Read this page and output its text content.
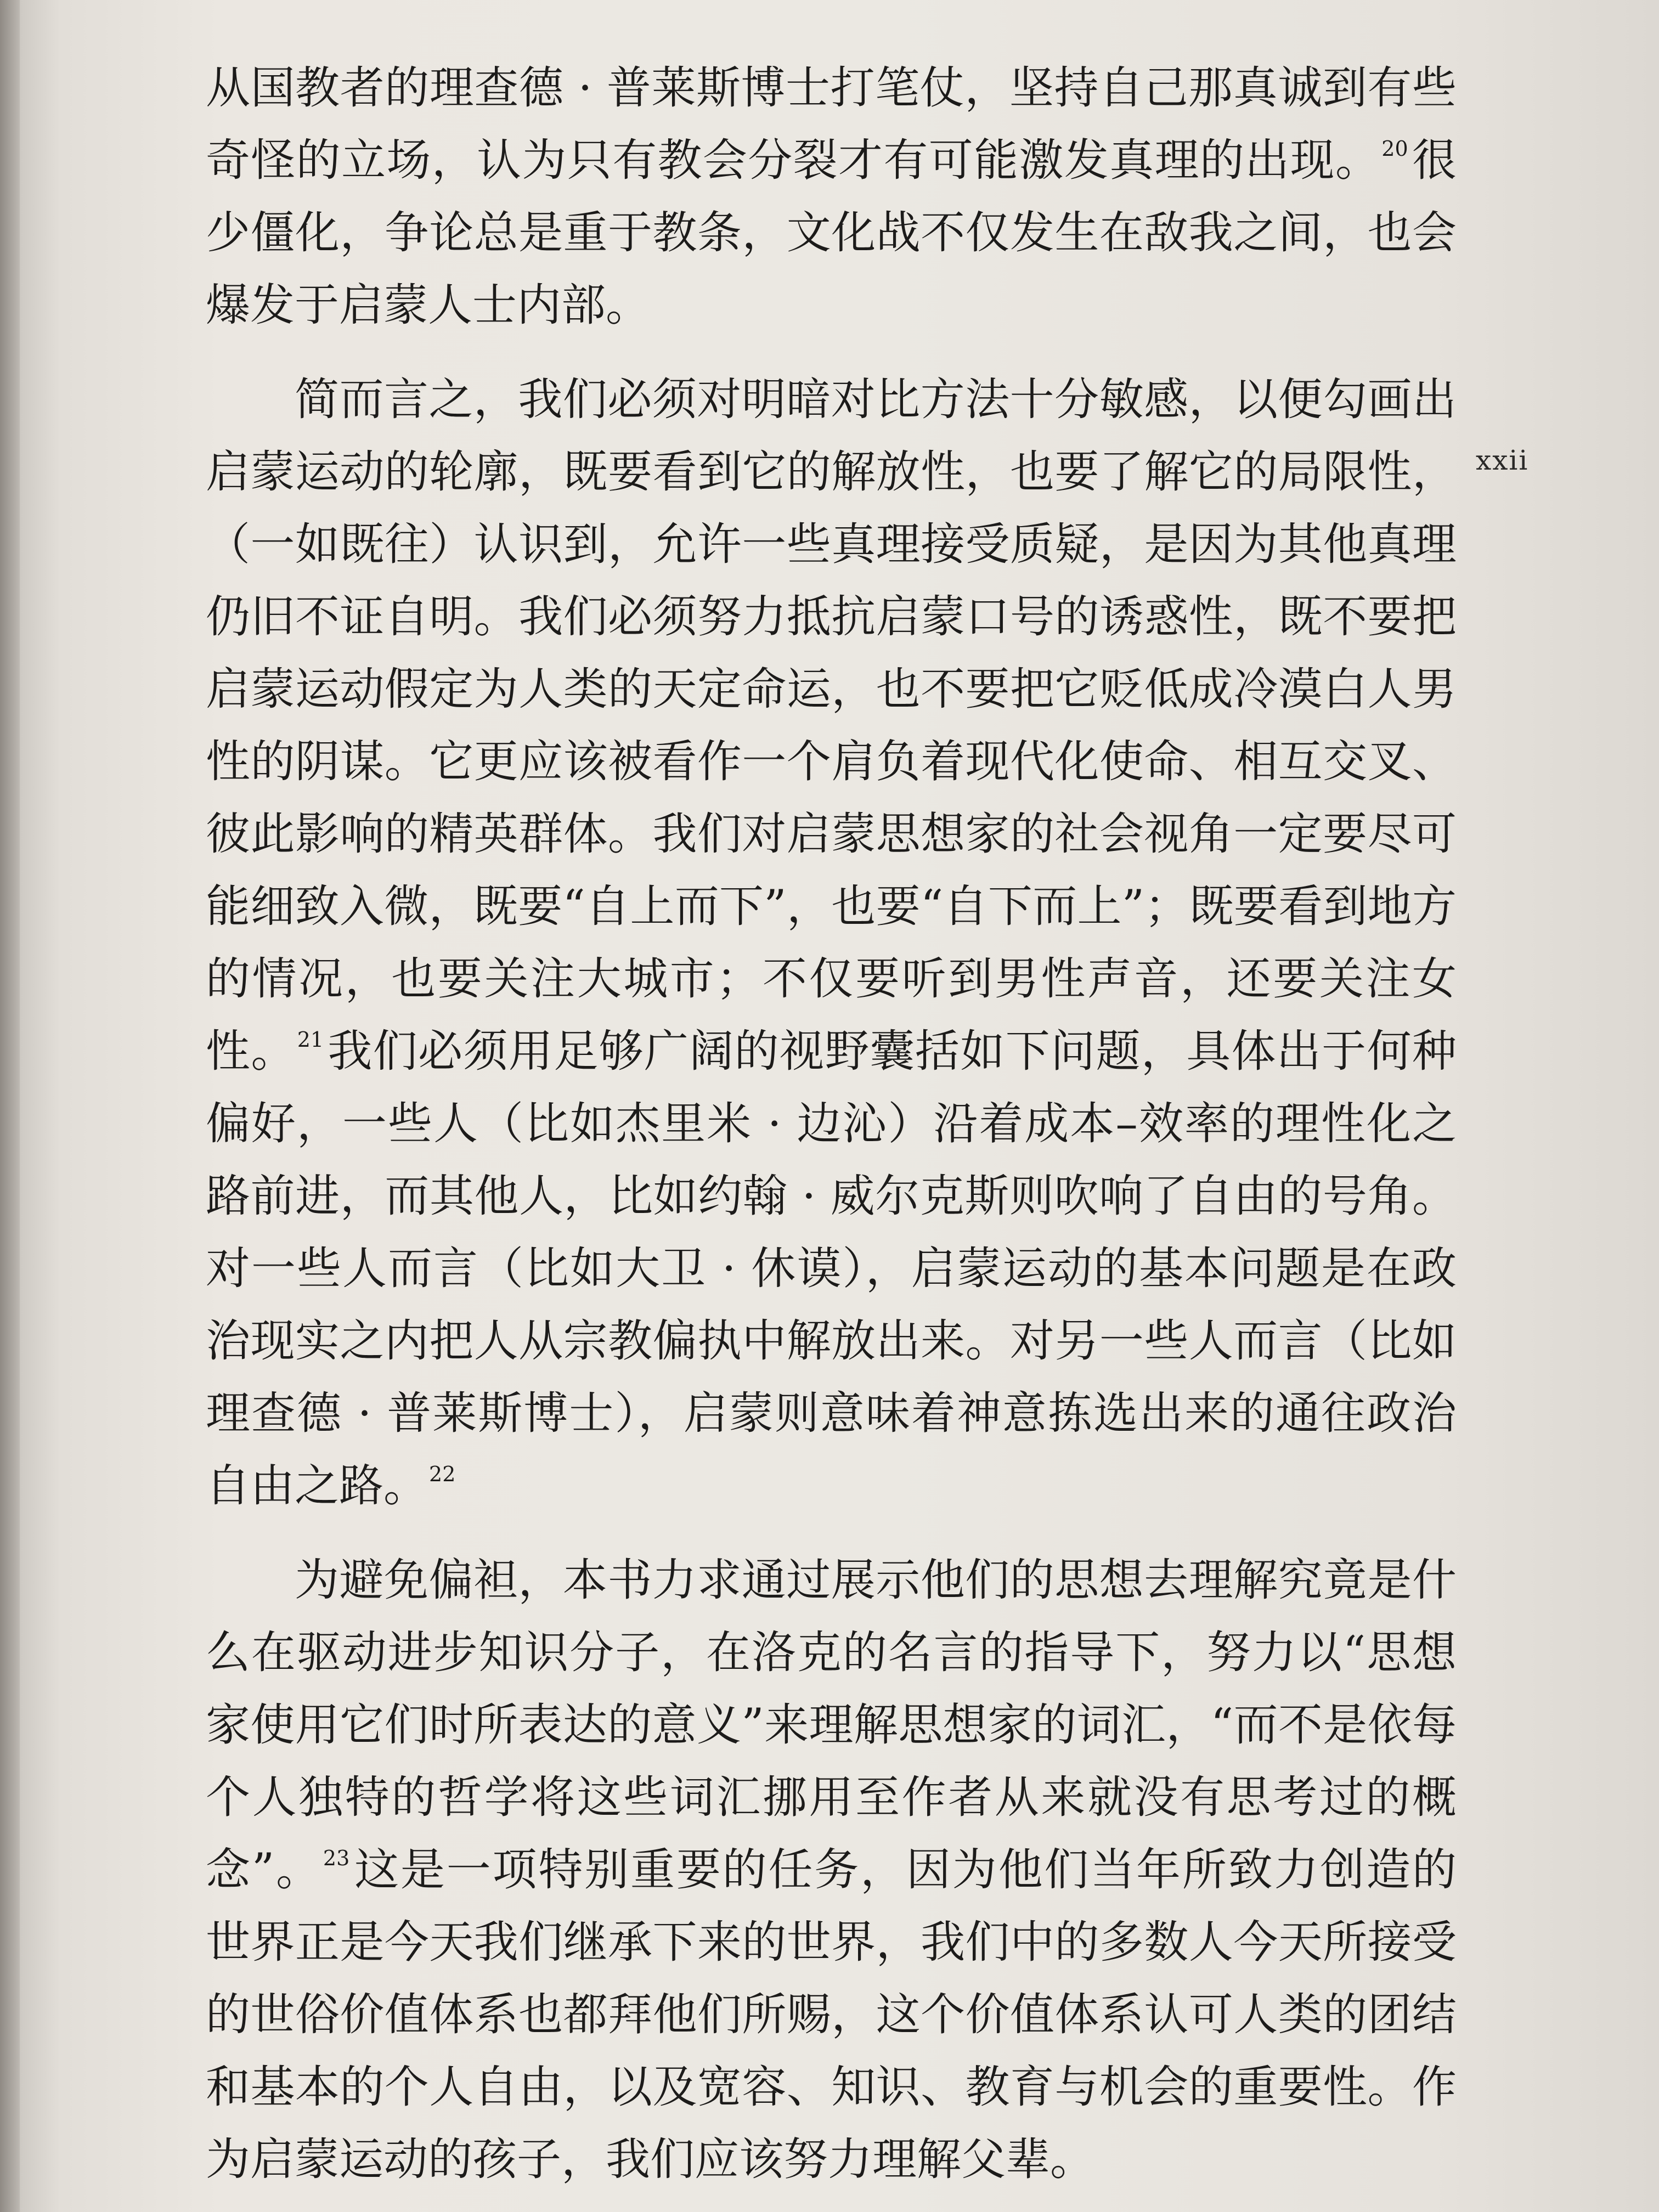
xxii

从国教者的理查德 · 普莱斯博士打笔仗，坚持自己那真诚到有些奇怪的立场，认为只有教会分裂才有可能激发真理的出现。$^{20}$很少僵化，争论总是重于教条，文化战不仅发生在敌我之间，也会爆发于启蒙人士内部。

简而言之，我们必须对明暗对比方法十分敏感，以便勾画出启蒙运动的轮廓，既要看到它的解放性，也要了解它的局限性，（一如既往）认识到，允许一些真理接受质疑，是因为其他真理仍旧不证自明。我们必须努力抵抗启蒙口号的诱惑性，既不要把启蒙运动假定为人类的天定命运，也不要把它贬低成冷漠白人男性的阴谋。它更应该被看作一个肩负着现代化使命、相互交叉、彼此影响的精英群体。我们对启蒙思想家的社会视角一定要尽可能细致入微，既要“自上而下”，也要“自下而上”；既要看到地方的情况，也要关注大城市；不仅要听到男性声音，还要关注女性。$^{21}$我们必须用足够广阔的视野囊括如下问题，具体出于何种偏好，一些人（比如杰里米 · 边沁）沿着成本–效率的理性化之路前进，而其他人，比如约翰 · 威尔克斯则吹响了自由的号角。对一些人而言（比如大卫 · 休谟），启蒙运动的基本问题是在政治现实之内把人从宗教偏执中解放出来。对另一些人而言（比如理查德 · 普莱斯博士），启蒙则意味着神意拣选出来的通往政治自由之路。$^{22}$

为避免偏袒，本书力求通过展示他们的思想去理解究竟是什么在驱动进步知识分子，在洛克的名言的指导下，努力以“思想家使用它们时所表达的意义”来理解思想家的词汇，“而不是依每个人独特的哲学将这些词汇挪用至作者从来就没有思考过的概念”。$^{23}$这是一项特别重要的任务，因为他们当年所致力创造的世界正是今天我们继承下来的世界，我们中的多数人今天所接受的世俗价值体系也都拜他们所赐，这个价值体系认可人类的团结和基本的个人自由，以及宽容、知识、教育与机会的重要性。作为启蒙运动的孩子，我们应该努力理解父辈。
